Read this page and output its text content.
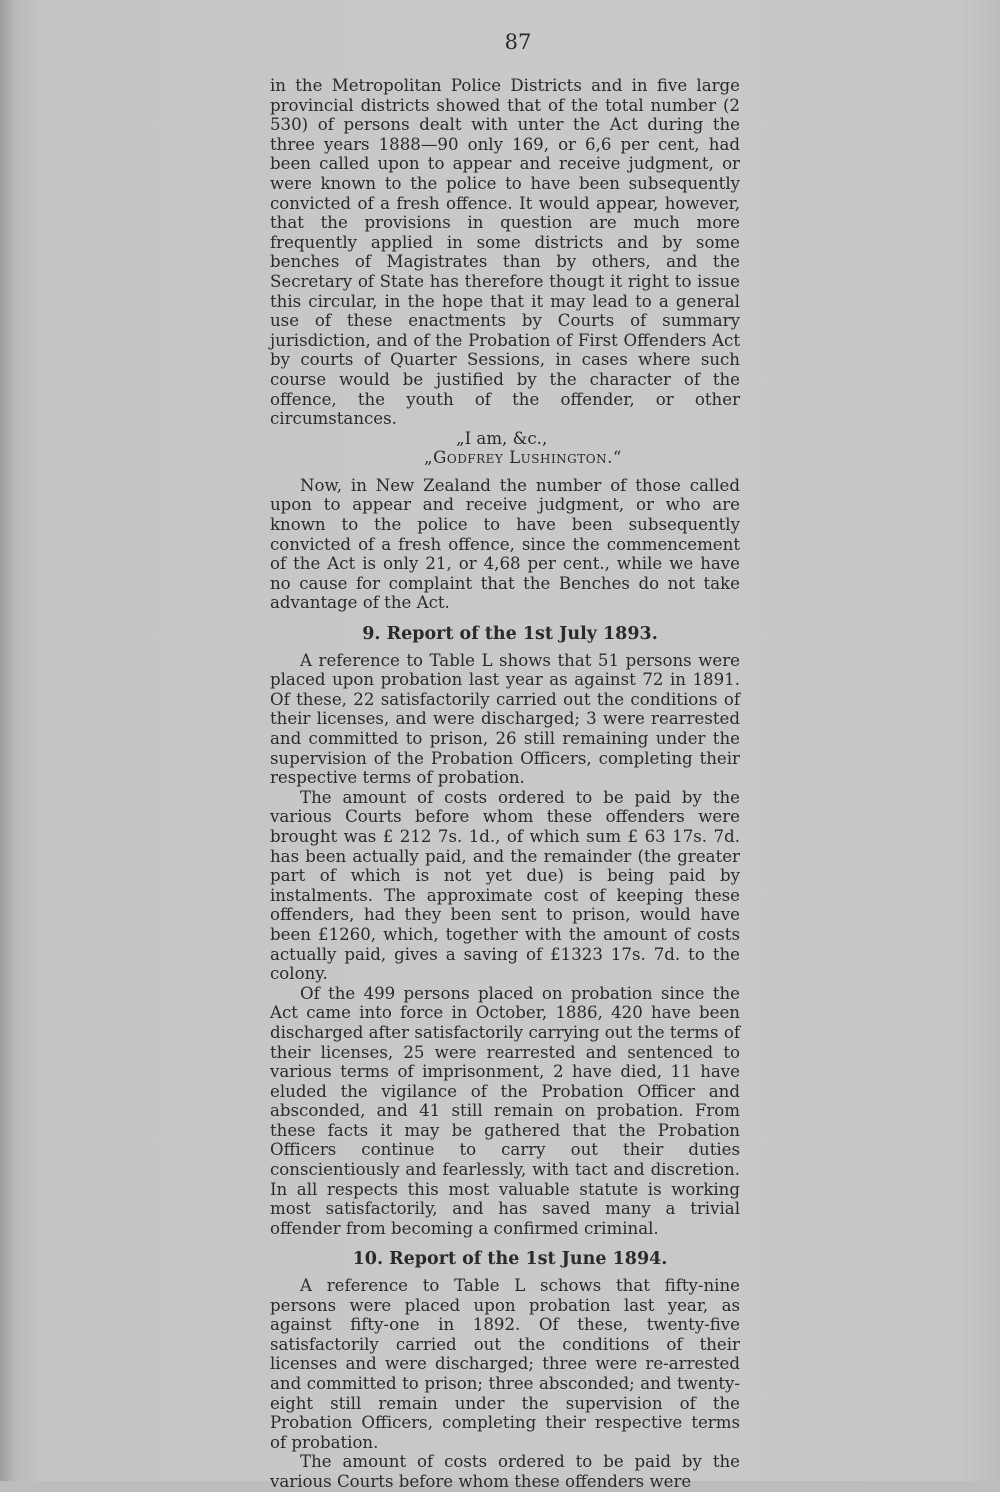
87

in the Metropolitan Police Districts and in five large provincial districts showed that of the total number (2 530) of persons dealt with unter the Act during the three years 1888—90 only 169, or 6,6 per cent, had been called upon to appear and receive judgment, or were known to the police to have been subsequently convicted of a fresh offence. It would appear, however, that the provisions in question are much more frequently applied in some districts and by some benches of Magistrates than by others, and the Secretary of State has therefore thougt it right to issue this circular, in the hope that it may lead to a general use of these enactments by Courts of summary jurisdiction, and of the Probation of First Offenders Act by courts of Quarter Sessions, in cases where such course would be justified by the character of the offence, the youth of the offender, or other circumstances.

„I am, &c.,

„Godfrey Lushington.“

Now, in New Zealand the number of those called upon to appear and receive judgment, or who are known to the police to have been subsequently convicted of a fresh offence, since the commencement of the Act is only 21, or 4,68 per cent., while we have no cause for complaint that the Benches do not take advantage of the Act.

9. Report of the 1st July 1893.

A reference to Table L shows that 51 persons were placed upon probation last year as against 72 in 1891. Of these, 22 satisfactorily carried out the conditions of their licenses, and were discharged; 3 were rearrested and committed to prison, 26 still remaining under the supervision of the Probation Officers, completing their respective terms of probation.

The amount of costs ordered to be paid by the various Courts before whom these offenders were brought was £ 212 7s. 1d., of which sum £ 63 17s. 7d. has been actually paid, and the remainder (the greater part of which is not yet due) is being paid by instalments. The approximate cost of keeping these offenders, had they been sent to prison, would have been £1260, which, together with the amount of costs actually paid, gives a saving of £1323 17s. 7d. to the colony.

Of the 499 persons placed on probation since the Act came into force in October, 1886, 420 have been discharged after satisfactorily carrying out the terms of their licenses, 25 were rearrested and sentenced to various terms of imprisonment, 2 have died, 11 have eluded the vigilance of the Probation Officer and absconded, and 41 still remain on probation. From these facts it may be gathered that the Probation Officers continue to carry out their duties conscientiously and fearlessly, with tact and discretion. In all respects this most valuable statute is working most satisfactorily, and has saved many a trivial offender from becoming a confirmed criminal.

10. Report of the 1st June 1894.

A reference to Table L schows that fifty-nine persons were placed upon probation last year, as against fifty-one in 1892. Of these, twenty-five satisfactorily carried out the conditions of their licenses and were discharged; three were re-arrested and committed to prison; three absconded; and twenty-eight still remain under the supervision of the Probation Officers, completing their respective terms of probation.

The amount of costs ordered to be paid by the various Courts before whom these offenders were
